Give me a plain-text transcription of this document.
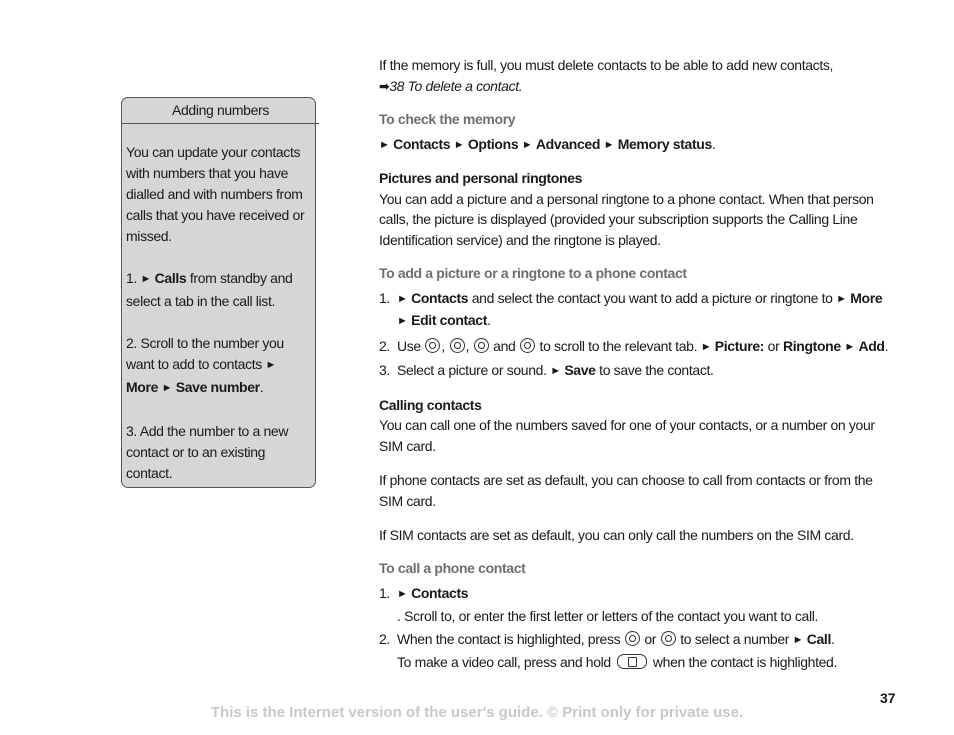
Adding numbers

You can update your contacts with numbers that you have dialled and with numbers from calls that you have received or missed.

1. ► Calls from standby and select a tab in the call list.

2. Scroll to the number you want to add to contacts ► More ► Save number.

3. Add the number to a new contact or to an existing contact.

If the memory is full, you must delete contacts to be able to add new contacts,

➡38 To delete a contact.

To check the memory

► Contacts ► Options ► Advanced ► Memory status.

Pictures and personal ringtones

You can add a picture and a personal ringtone to a phone contact. When that person calls, the picture is displayed (provided your subscription supports the Calling Line Identification service) and the ringtone is played.

To add a picture or a ringtone to a phone contact

1. ► Contacts and select the contact you want to add a picture or ringtone to ► More
► Edit contact.
2. Use , , and to scroll to the relevant tab. ► Picture: or Ringtone ► Add.
3. Select a picture or sound. ► Save to save the contact.

Calling contacts

You can call one of the numbers saved for one of your contacts, or a number on your SIM card.

If phone contacts are set as default, you can choose to call from contacts or from the SIM card.

If SIM contacts are set as default, you can only call the numbers on the SIM card.

To call a phone contact

1. ► Contacts. Scroll to, or enter the first letter or letters of the contact you want to call.
2. When the contact is highlighted, press or to select a number ► Call.
To make a video call, press and hold	when the contact is highlighted.
37
This is the Internet version of the user's guide. © Print only for private use.
